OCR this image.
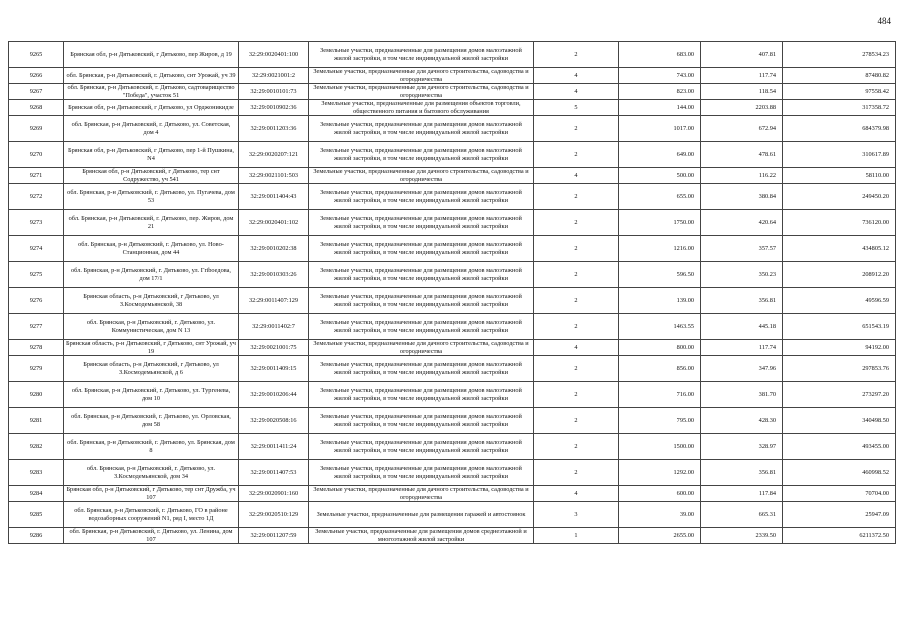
484
9265	Брянская обл, р-н Дятьковский, г Дятьково, пер Жиров, д 19	32:29:0020401:100	Земельные участки, предназначенные для размещения домов малоэтажной жилой застройки, в том числе индивидуальной жилой застройки	2	683.00	407.81	278534.23
9266	обл. Брянская, р-н Дятьковский, г. Дятьково, снт Урожай, уч 39	32:29:0021001:2	Земельные участки, предназначенные для дачного строительства, садоводства и огородничества	4	743.00	117.74	87480.82
9267	обл. Брянская, р-н Дятьковский, г. Дятьково, садтоварищество "Победа", участок 51	32:29:0010101:73	Земельные участки, предназначенные для дачного строительства, садоводства и огородничества	4	823.00	118.54	97558.42
9268	Брянская обл, р-н Дятьковский, г Дятьково, ул Орджоникидзе	32:29:0010902:36	Земельные участки, предназначенные для размещения объектов торговли, общественного питания и бытового обслуживания	5	144.00	2203.88	317358.72
9269	обл. Брянская, р-н Дятьковский, г. Дятьково, ул. Советская, дом 4	32:29:0011203:36	Земельные участки, предназначенные для размещения домов малоэтажной жилой застройки, в том числе индивидуальной жилой застройки	2	1017.00	672.94	684379.98
9270	Брянская обл, р-н Дятьковский, г Дятьково, пер 1-й Пушкина, N4	32:29:0020207:121	Земельные участки, предназначенные для размещения домов малоэтажной жилой застройки, в том числе индивидуальной жилой застройки	2	649.00	478.61	310617.89
9271	Брянская обл, р-н Дятьковский, г Дятьково, тер снт Содружество, уч 541	32:29:0021101:503	Земельные участки, предназначенные для дачного строительства, садоводства и огородничества	4	500.00	116.22	58110.00
9272	обл. Брянская, р-н Дятьковский, г. Дятьково, ул. Пугачева, дом 53	32:29:0011404:43	Земельные участки, предназначенные для размещения домов малоэтажной жилой застройки, в том числе индивидуальной жилой застройки	2	655.00	380.84	249450.20
9273	обл. Брянская, р-н Дятьковский, г. Дятьково, пер. Жиров, дом 21	32:29:0020401:102	Земельные участки, предназначенные для размещения домов малоэтажной жилой застройки, в том числе индивидуальной жилой застройки	2	1750.00	420.64	736120.00
9274	обл. Брянская, р-н Дятьковский, г. Дятьково, ул. Ново-Станционная, дом 44	32:29:0010202:38	Земельные участки, предназначенные для размещения домов малоэтажной жилой застройки, в том числе индивидуальной жилой застройки	2	1216.00	357.57	434805.12
9275	обл. Брянская, р-н Дятьковский, г. Дятьково, ул. Гribоедова, дом 17/1	32:29:0010303:26	Земельные участки, предназначенные для размещения домов малоэтажной жилой застройки, в том числе индивидуальной жилой застройки	2	596.50	350.23	208912.20
9276	Брянская область, р-н Дятьковский, г Дятьково, ул З.Космодемьянской, 38	32:29:0011407:129	Земельные участки, предназначенные для размещения домов малоэтажной жилой застройки, в том числе индивидуальной жилой застройки	2	139.00	356.81	49596.59
9277	обл. Брянская, р-н Дятьковский, г. Дятьково, ул. Коммунистическая, дом N 13	32:29:0011402:7	Земельные участки, предназначенные для размещения домов малоэтажной жилой застройки, в том числе индивидуальной жилой застройки	2	1463.55	445.18	651543.19
9278	Брянская область, р-н Дятьковский, г Дятьково, снт Урожай, уч 19	32:29:0021001:75	Земельные участки, предназначенные для дачного строительства, садоводства и огородничества	4	800.00	117.74	94192.00
9279	Брянская область, р-н Дятьковский, г Дятьково, ул З.Космодемьянской, д 6	32:29:0011409:15	Земельные участки, предназначенные для размещения домов малоэтажной жилой застройки, в том числе индивидуальной жилой застройки	2	856.00	347.96	297853.76
9280	обл. Брянская, р-н Дятьковский, г. Дятьково, ул. Тургенева, дом 10	32:29:0010206:44	Земельные участки, предназначенные для размещения домов малоэтажной жилой застройки, в том числе индивидуальной жилой застройки	2	716.00	381.70	273297.20
9281	обл. Брянская, р-н Дятьковский, г. Дятьково, ул. Орловская, дом 58	32:29:0020508:16	Земельные участки, предназначенные для размещения домов малоэтажной жилой застройки, в том числе индивидуальной жилой застройки	2	795.00	428.30	340498.50
9282	обл. Брянская, р-н Дятьковский, г. Дятьково, ул. Брянская, дом 8	32:29:0011411:24	Земельные участки, предназначенные для размещения домов малоэтажной жилой застройки, в том числе индивидуальной жилой застройки	2	1500.00	328.97	493455.00
9283	обл. Брянская, р-н Дятьковский, г. Дятьково, ул. З.Космодемьянской, дом 34	32:29:0011407:53	Земельные участки, предназначенные для размещения домов малоэтажной жилой застройки, в том числе индивидуальной жилой застройки	2	1292.00	356.81	460998.52
9284	Брянская обл, р-н Дятьковский, г Дятьково, тер снт Дружба, уч 107	32:29:0020901:160	Земельные участки, предназначенные для дачного строительства, садоводства и огородничества	4	600.00	117.84	70704.00
9285	обл. Брянская, р-н Дятьковский, г. Дятьково, ГО в районе водозаборных сооружений N1, ряд I, место 1Д	32:29:0020510:129	Земельные участки, предназначенные для размещения гаражей и автостоянок	3	39.00	665.31	25947.09
9286	обл. Брянская, р-н Дятьковский, г. Дятьково, ул. Ленина, дом 107	32:29:0011207:59	Земельные участки, предназначенные для размещения домов среднеэтажной и многоэтажной жилой застройки	1	2655.00	2339.50	6211372.50
